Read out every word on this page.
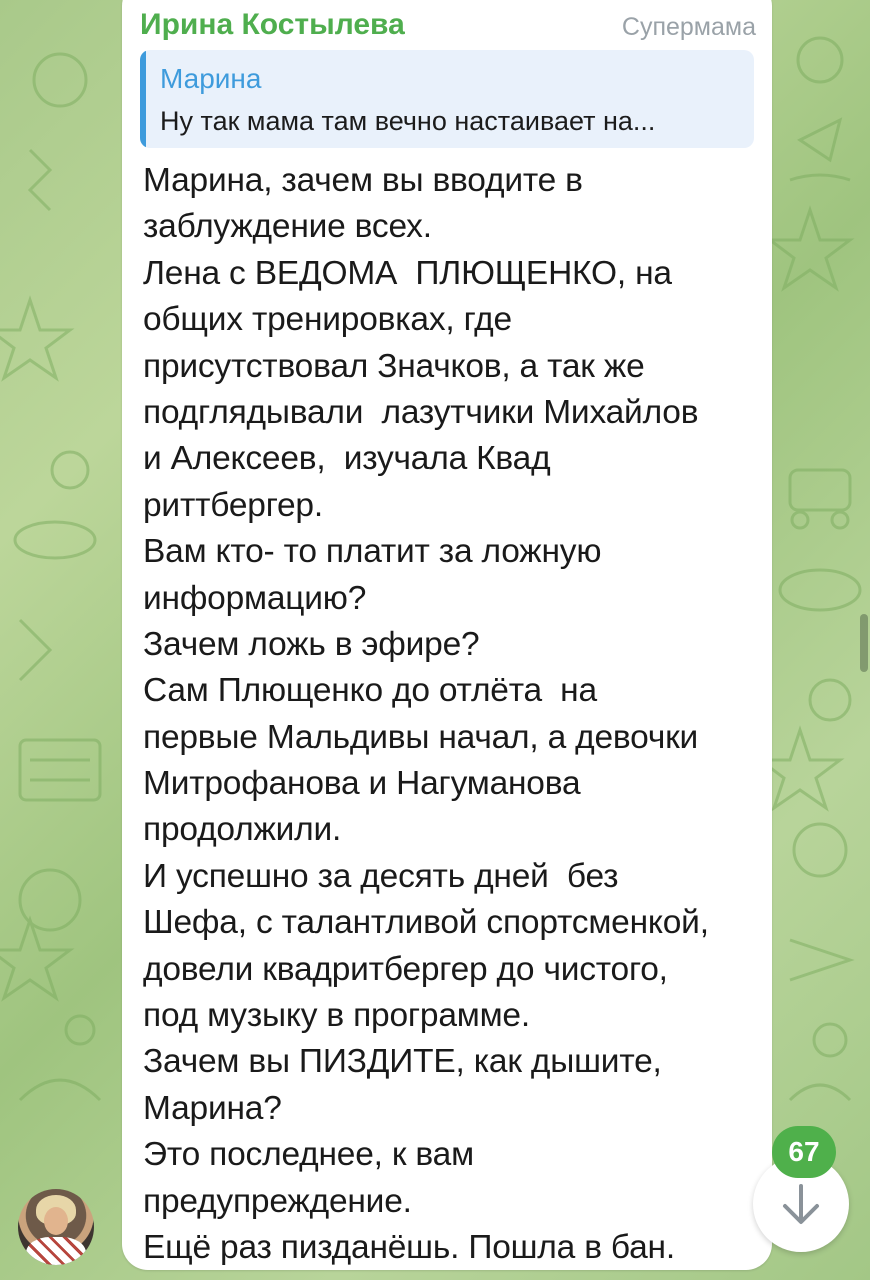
Ирина Костылева	Супермама
Марина
Ну так мама там вечно настаивает на...
Марина, зачем вы вводите в
заблуждение всех.
Лена с ВЕДОМА  ПЛЮЩЕНКО, на
общих тренировках, где
присутствовал Значков, а так же
подглядывали  лазутчики Михайлов
и Алексеев,  изучала Квад
риттбергер.
Вам кто- то платит за ложную
информацию?
Зачем ложь в эфире?
Сам Плющенко до отлёта  на
первые Мальдивы начал, а девочки
Митрофанова и Нагуманова
продолжили.
И успешно за десять дней  без
Шефа, с талантливой спортсменкой,
довели квадритбергер до чистого,
под музыку в программе.
Зачем вы ПИЗДИТЕ, как дышите,
Марина?
Это последнее, к вам
предупреждение.
Ещё раз пизданёшь. Пошла в бан.
67
